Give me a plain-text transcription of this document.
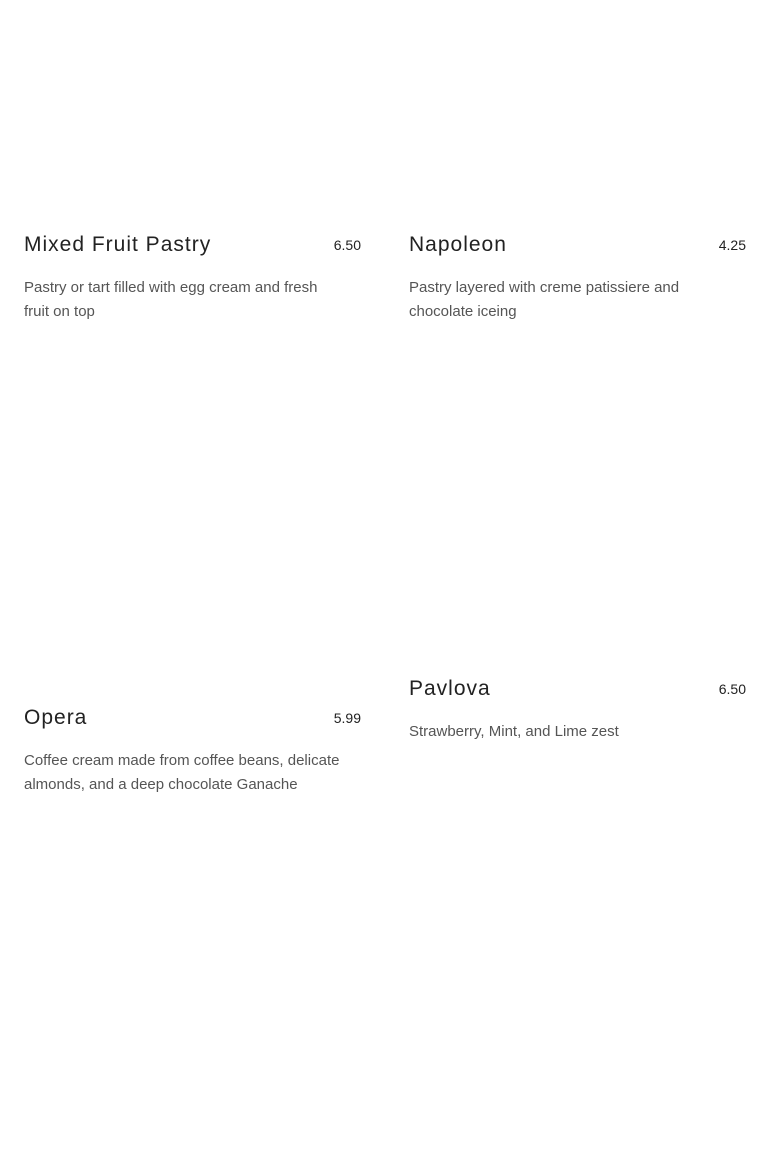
Mixed Fruit Pastry	6.50
Pastry or tart filled with egg cream and fresh fruit on top
Napoleon	4.25
Pastry layered with creme patissiere and chocolate iceing
Opera	5.99
Coffee cream made from coffee beans, delicate almonds, and a deep chocolate Ganache
Pavlova	6.50
Strawberry, Mint, and Lime zest
